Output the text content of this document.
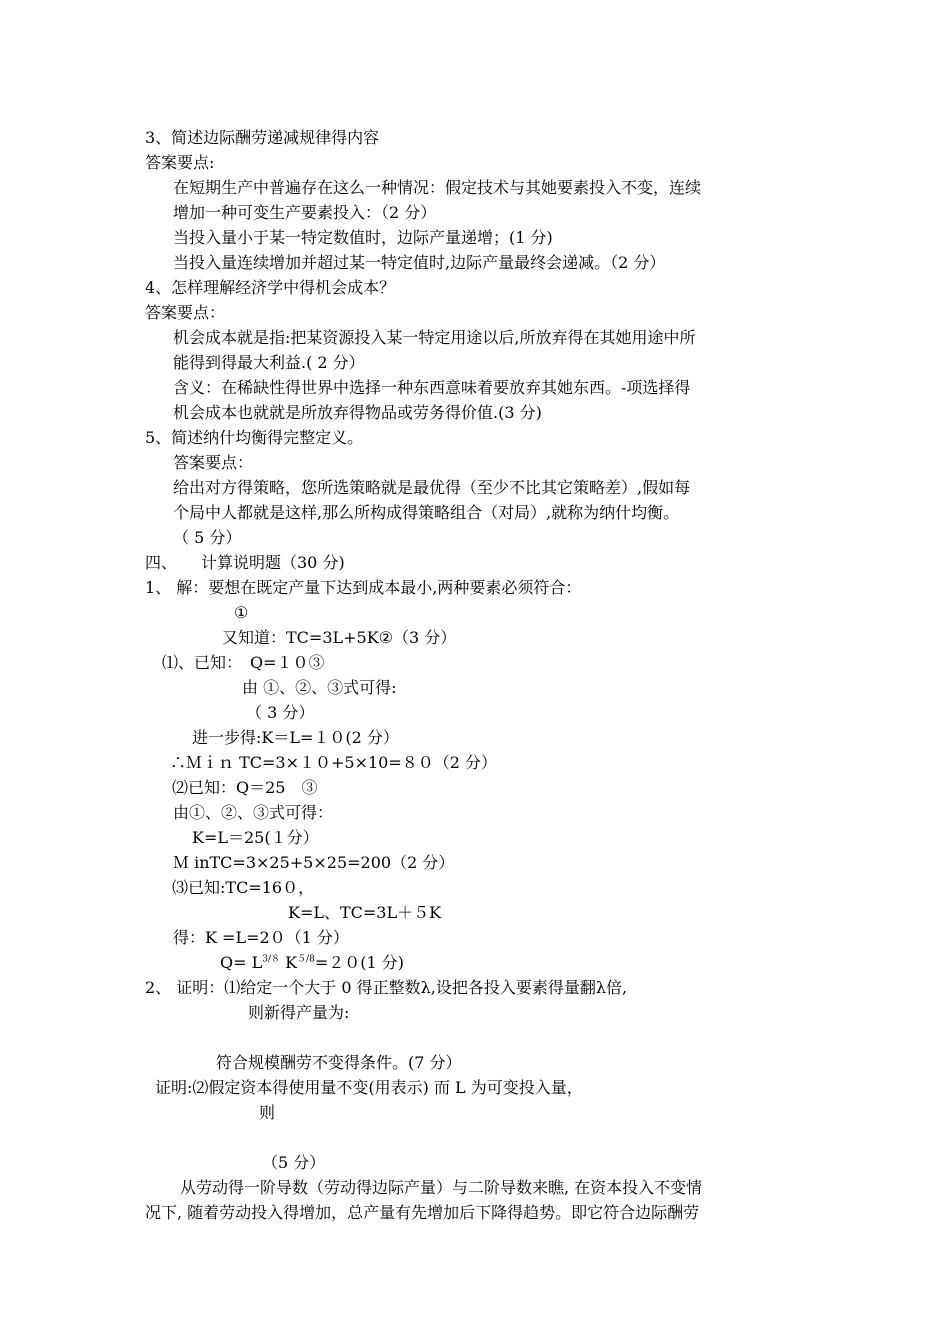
3、简述边际酬劳递减规律得内容
答案要点:
在短期生产中普遍存在这么一种情况：假定技术与其她要素投入不变，连续
增加一种可变生产要素投入：（2 分）
当投入量小于某一特定数值时，边际产量递增；(1 分)
当投入量连续增加并超过某一特定值时,边际产量最终会递减。（2 分）
4、怎样理解经济学中得机会成本？
答案要点：
机会成本就是指:把某资源投入某一特定用途以后,所放弃得在其她用途中所
能得到得最大利益.( 2 分）
含义：在稀缺性得世界中选择一种东西意味着要放弃其她东西。-项选择得
机会成本也就就是所放弃得物品或劳务得价值.(3 分)
5、简述纳什均衡得完整定义。
答案要点：
给出对方得策略，您所选策略就是最优得（至少不比其它策略差）,假如每
个局中人都就是这样,那么所构成得策略组合（对局）,就称为纳什均衡。
（ 5 分）
四、　　计算说明题（30 分)
1、 解：要想在既定产量下达到成本最小,两种要素必须符合：
①
又知道：TC=3L+5K②（3 分）
⑴、已知：　Q=１０③
由 ①、②、③式可得:
（ 3 分）
进一步得:K＝L=１０(2 分）
∴Ｍｉｎ TC=3×１０+5×10=８０（2 分）
⑵已知：Q＝25　③
由①、②、③式可得：
K=L＝25(１分）
Ｍ inTC=3×25+5×25=200（2 分）
⑶已知:TC=16０，
K=L、TC=3L＋５K
得：K =L=2０（1 分）
$Q= L^{3/8}$ $K^{5/8}=20(1$ 分)
2、 证明：⑴给定一个大于 0 得正整数λ,设把各投入要素得量翻λ倍,
则新得产量为:
符合规模酬劳不变得条件。(7 分）
证明:⑵假定资本得使用量不变(用表示) 而 L 为可变投入量，
则
（5 分）
从劳动得一阶导数（劳动得边际产量）与二阶导数来瞧, 在资本投入不变情
况下, 随着劳动投入得增加，总产量有先增加后下降得趋势。即它符合边际酬劳
